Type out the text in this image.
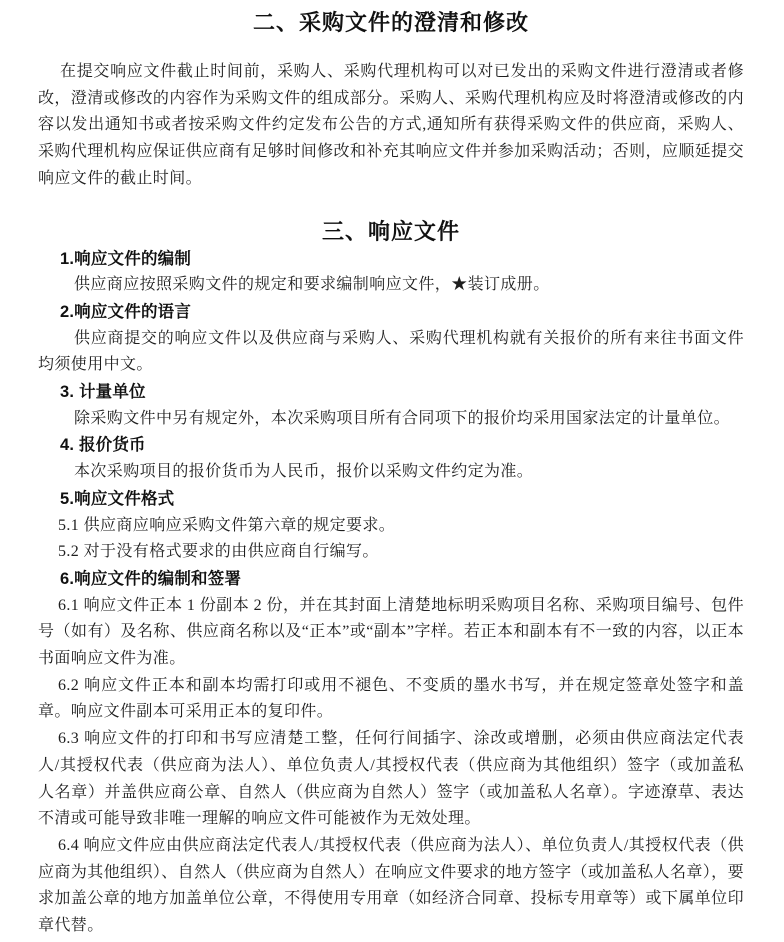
二、采购文件的澄清和修改

在提交响应文件截止时间前，采购人、采购代理机构可以对已发出的采购文件进行澄清或者修改，澄清或修改的内容作为采购文件的组成部分。采购人、采购代理机构应及时将澄清或修改的内容以发出通知书或者按采购文件约定发布公告的方式,通知所有获得采购文件的供应商，采购人、采购代理机构应保证供应商有足够时间修改和补充其响应文件并参加采购活动；否则，应顺延提交响应文件的截止时间。

三、响应文件
1.响应文件的编制

供应商应按照采购文件的规定和要求编制响应文件，★装订成册。

2.响应文件的语言

供应商提交的响应文件以及供应商与采购人、采购代理机构就有关报价的所有来往书面文件均须使用中文。

3. 计量单位

除采购文件中另有规定外，本次采购项目所有合同项下的报价均采用国家法定的计量单位。

4. 报价货币

本次采购项目的报价货币为人民币，报价以采购文件约定为准。

5.响应文件格式

5.1 供应商应响应采购文件第六章的规定要求。

5.2 对于没有格式要求的由供应商自行编写。

6.响应文件的编制和签署

6.1 响应文件正本 1 份副本 2 份，并在其封面上清楚地标明采购项目名称、采购项目编号、包件号（如有）及名称、供应商名称以及“正本”或“副本”字样。若正本和副本有不一致的内容，以正本书面响应文件为准。

6.2 响应文件正本和副本均需打印或用不褪色、不变质的墨水书写，并在规定签章处签字和盖章。响应文件副本可采用正本的复印件。

6.3 响应文件的打印和书写应清楚工整，任何行间插字、涂改或增删，必须由供应商法定代表人/其授权代表（供应商为法人）、单位负责人/其授权代表（供应商为其他组织）签字（或加盖私人名章）并盖供应商公章、自然人（供应商为自然人）签字（或加盖私人名章）。字迹潦草、表达不清或可能导致非唯一理解的响应文件可能被作为无效处理。

6.4 响应文件应由供应商法定代表人/其授权代表（供应商为法人）、单位负责人/其授权代表（供应商为其他组织）、自然人（供应商为自然人）在响应文件要求的地方签字（或加盖私人名章），要求加盖公章的地方加盖单位公章，不得使用专用章（如经济合同章、投标专用章等）或下属单位印章代替。
